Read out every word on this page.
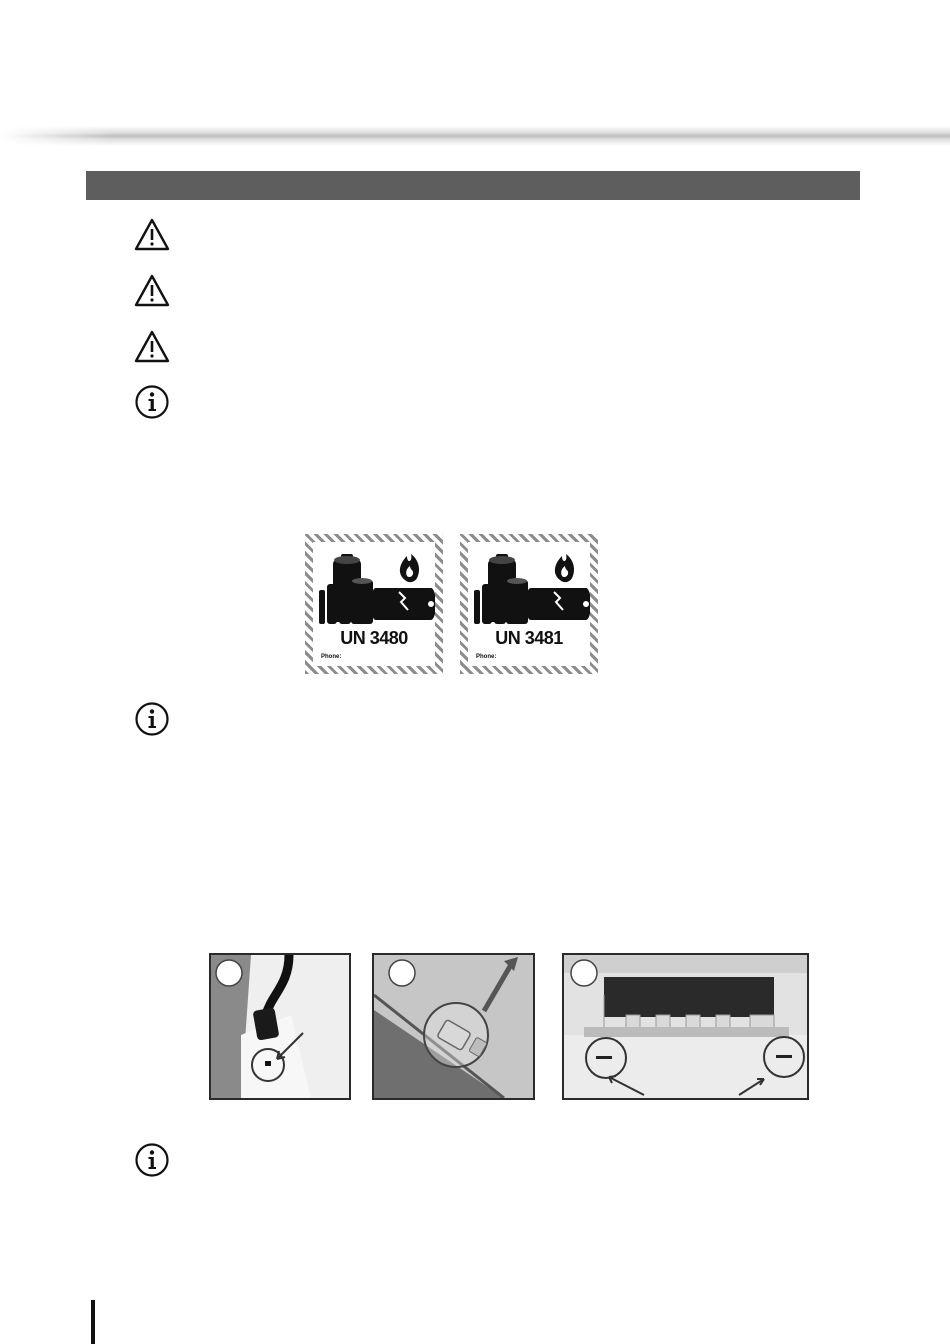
UN 3480
Phone:
UN 3481
Phone:
